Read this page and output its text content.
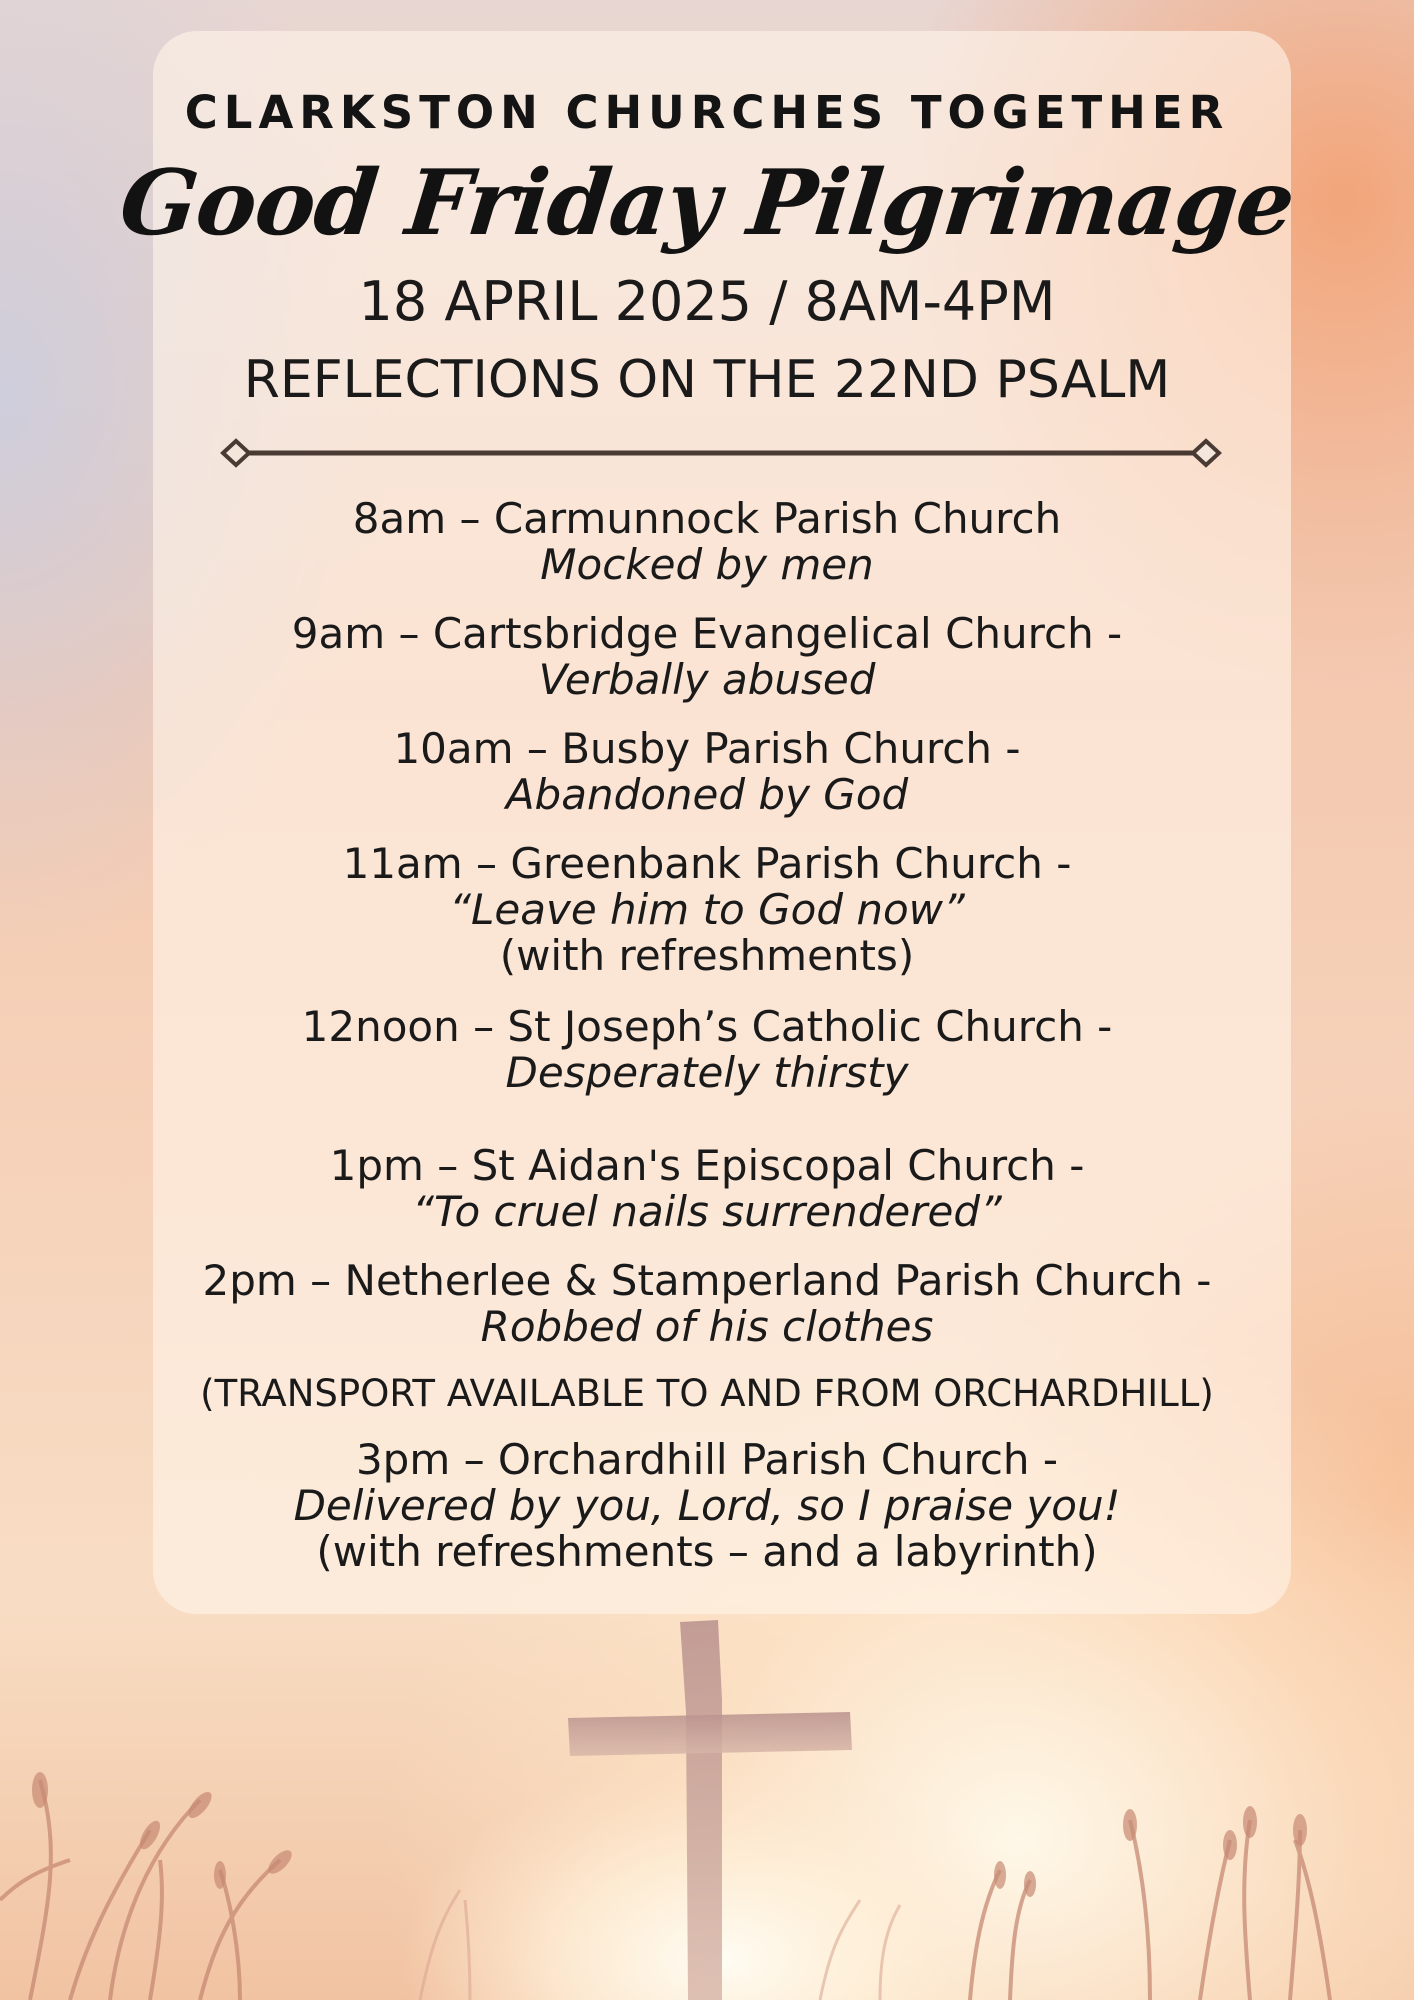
CLARKSTON CHURCHES TOGETHER
Good Friday Pilgrimage
18 APRIL 2025 / 8AM-4PM
REFLECTIONS ON THE 22ND PSALM
8am – Carmunnock Parish Church
Mocked by men
9am – Cartsbridge Evangelical Church -
Verbally abused
10am – Busby Parish Church -
Abandoned by God
11am – Greenbank Parish Church -
“Leave him to God now”
(with refreshments)
12noon – St Joseph’s Catholic Church -
Desperately thirsty
1pm – St Aidan's Episcopal Church -
“To cruel nails surrendered”
2pm – Netherlee & Stamperland Parish Church -
Robbed of his clothes
(TRANSPORT AVAILABLE TO AND FROM ORCHARDHILL)
3pm – Orchardhill Parish Church -
Delivered by you, Lord, so I praise you!
(with refreshments – and a labyrinth)
